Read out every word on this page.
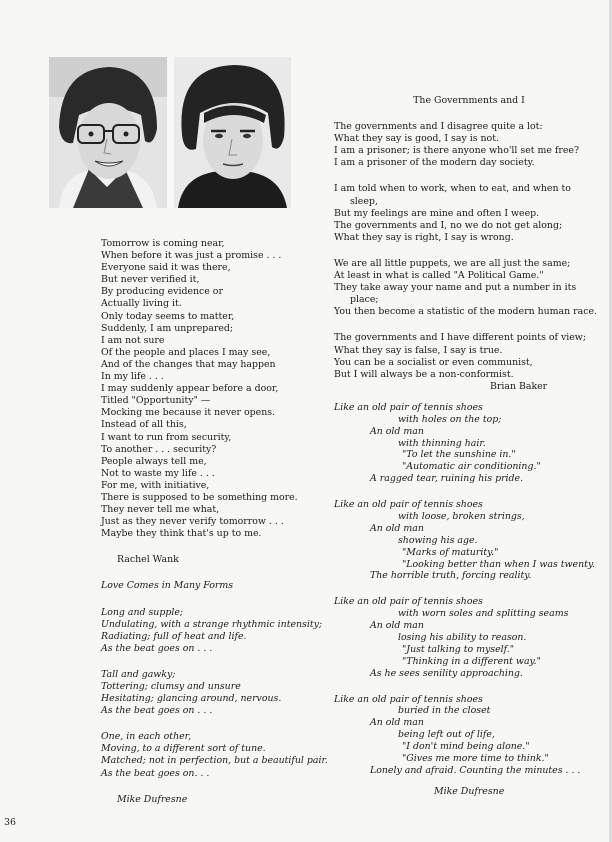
Tomorrow is coming near,
When before it was just a promise . . .
Everyone said it was there,
But never verified it,
By producing evidence or
Actually living it.
Only today seems to matter,
Suddenly, I am unprepared;
I am not sure
Of the people and places I may see,
And of the changes that may happen
In my life . . .
I may suddenly appear before a door,
Titled "Opportunity" —
Mocking me because it never opens.
Instead of all this,
I want to run from security,
To another . . . security?
People always tell me,
Not to waste my life . . .
For me, with initiative,
There is supposed to be something more.
They never tell me what,
Just as they never verify tomorrow . . .
Maybe they think that's up to me.
Rachel Wank
Love Comes in Many Forms
Long and supple;
Undulating, with a strange rhythmic intensity;
Radiating; full of heat and life.
As the beat goes on . . .
Tall and gawky;
Tottering; clumsy and unsure
Hesitating; glancing around, nervous.
As the beat goes on . . .
One, in each other,
Moving, to a different sort of tune.
Matched; not in perfection, but a beautiful pair.
As the beat goes on. . .
Mike Dufresne
The Governments and I
The governments and I disagree quite a lot:
What they say is good, I say is not.
I am a prisoner; is there anyone who'll set me free?
I am a prisoner of the modern day society.
I am told when to work, when to eat, and when to
sleep,
But my feelings are mine and often I weep.
The governments and I, no we do not get along;
What they say is right, I say is wrong.
We are all little puppets, we are all just the same;
At least in what is called "A Political Game."
They take away your name and put a number in its
place;
You then become a statistic of the modern human race.
The governments and I have different points of view;
What they say is false, I say is true.
You can be a socialist or even communist,
But I will always be a non-conformist.
Brian Baker
Like an old pair of tennis shoes
with holes on the top;
An old man
with thinning hair.
"To let the sunshine in."
"Automatic air conditioning."
A ragged tear, ruining his pride.
Like an old pair of tennis shoes
with loose, broken strings,
An old man
showing his age.
"Marks of maturity."
"Looking better than when I was twenty.
The horrible truth, forcing reality.
Like an old pair of tennis shoes
with worn soles and splitting seams
An old man
losing his ability to reason.
"Just talking to myself."
"Thinking in a different way."
As he sees senility approaching.
Like an old pair of tennis shoes
buried in the closet
An old man
being left out of life,
"I don't mind being alone."
"Gives me more time to think."
Lonely and afraid. Counting the minutes . . .
Mike Dufresne
36
